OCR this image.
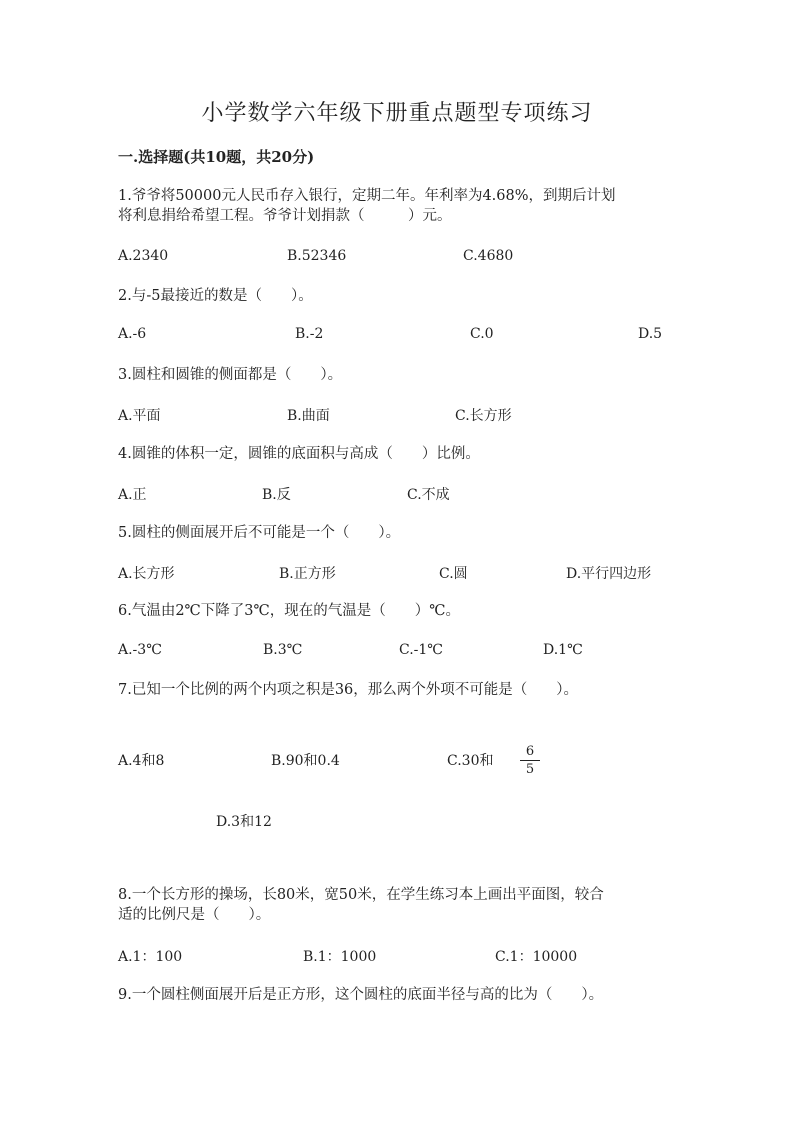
小学数学六年级下册重点题型专项练习
一.选择题(共10题，共20分)
1.爷爷将50000元人民币存入银行，定期二年。年利率为4.68%，到期后计划
将利息捐给希望工程。爷爷计划捐款（　　　）元。
A.2340	B.52346	C.4680
2.与-5最接近的数是（　　）。
A.-6	B.-2	C.0	D.5
3.圆柱和圆锥的侧面都是（　　）。
A.平面	B.曲面	C.长方形
4.圆锥的体积一定，圆锥的底面积与高成（　　）比例。
A.正	B.反	C.不成
5.圆柱的侧面展开后不可能是一个（　　）。
A.长方形	B.正方形	C.圆	D.平行四边形
6.气温由2℃下降了3℃，现在的气温是（　　）℃。
A.-3℃	B.3℃	C.-1℃	D.1℃
7.已知一个比例的两个内项之积是36，那么两个外项不可能是（　　）。
A.4和8	B.90和0.4	C.30和
6
5
D.3和12
8.一个长方形的操场，长80米，宽50米，在学生练习本上画出平面图，较合
适的比例尺是（　　）。
A.1：100	B.1：1000	C.1：10000
9.一个圆柱侧面展开后是正方形，这个圆柱的底面半径与高的比为（　　）。
